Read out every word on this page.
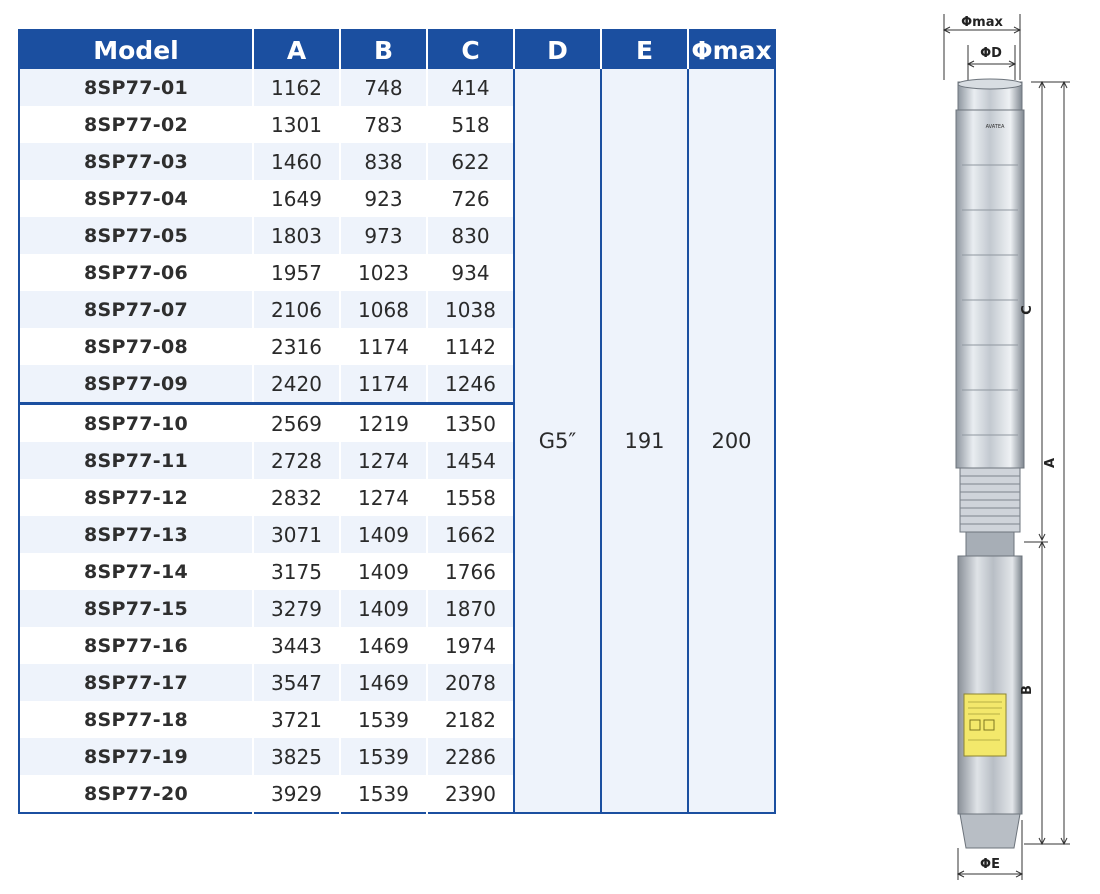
Model	A	B	C	D	E	Φmax
8SP77-01	1162	748	414	G5″	191	200
8SP77-02	1301	783	518			
8SP77-03	1460	838	622			
8SP77-04	1649	923	726			
8SP77-05	1803	973	830			
8SP77-06	1957	1023	934			
8SP77-07	2106	1068	1038			
8SP77-08	2316	1174	1142			
8SP77-09	2420	1174	1246			
8SP77-10	2569	1219	1350			
8SP77-11	2728	1274	1454			
8SP77-12	2832	1274	1558			
8SP77-13	3071	1409	1662			
8SP77-14	3175	1409	1766			
8SP77-15	3279	1409	1870			
8SP77-16	3443	1469	1974			
8SP77-17	3547	1469	2078			
8SP77-18	3721	1539	2182			
8SP77-19	3825	1539	2286			
8SP77-20	3929	1539	2390			
Φmax
ΦD
AVATEA
C
A
B
ΦE
